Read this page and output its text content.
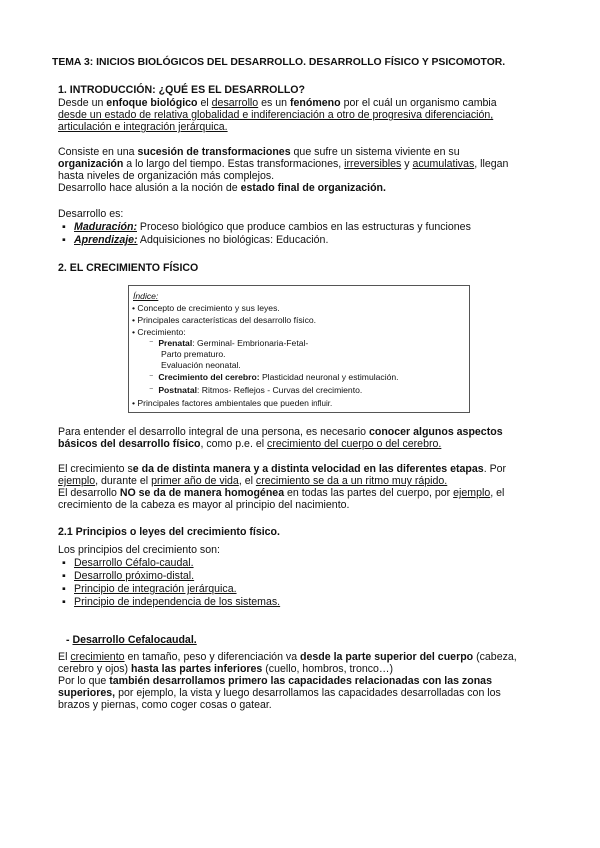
TEMA 3: INICIOS BIOLÓGICOS DEL DESARROLLO. DESARROLLO FÍSICO Y PSICOMOTOR.
1. INTRODUCCIÓN: ¿QUÉ ES EL DESARROLLO?
Desde un enfoque biológico el desarrollo es un fenómeno por el cuál un organismo cambia
desde un estado de relativa globalidad e indiferenciación a otro de progresiva diferenciación,
articulación e integración jerárquica.
Consiste en una sucesión de transformaciones que sufre un sistema viviente en su
organización a lo largo del tiempo. Estas transformaciones, irreversibles y acumulativas, llegan
hasta niveles de organización más complejos.
Desarrollo hace alusión a la noción de estado final de organización.
Desarrollo es:
▪ Maduración: Proceso biológico que produce cambios en las estructuras y funciones
▪ Aprendizaje: Adquisiciones no biológicas: Educación.
2. EL CRECIMIENTO FÍSICO
Índice:
• Concepto de crecimiento y sus leyes.
• Principales características del desarrollo físico.
• Crecimiento:
⁻  Prenatal: Germinal- Embrionaria-Fetal-
Parto prematuro.
Evaluación neonatal.
⁻  Crecimiento del cerebro: Plasticidad neuronal y estimulación.
⁻  Postnatal: Ritmos- Reflejos - Curvas del crecimiento.
• Principales factores ambientales que pueden influir.
Para entender el desarrollo integral de una persona, es necesario conocer algunos aspectos
básicos del desarrollo físico, como p.e. el crecimiento del cuerpo o del cerebro.
El crecimiento se da de distinta manera y a distinta velocidad en las diferentes etapas. Por
ejemplo, durante el primer año de vida, el crecimiento se da a un ritmo muy rápido.
El desarrollo NO se da de manera homogénea en todas las partes del cuerpo, por ejemplo, el
crecimiento de la cabeza es mayor al principio del nacimiento.
2.1 Principios o leyes del crecimiento físico.
Los principios del crecimiento son:
▪ Desarrollo Céfalo-caudal.
▪ Desarrollo próximo-distal.
▪ Principio de integración jerárquica.
▪ Principio de independencia de los sistemas.
- Desarrollo Cefalocaudal.
El crecimiento en tamaño, peso y diferenciación va desde la parte superior del cuerpo (cabeza,
cerebro y ojos) hasta las partes inferiores (cuello, hombros, tronco…)
Por lo que también desarrollamos primero las capacidades relacionadas con las zonas
superiores, por ejemplo, la vista y luego desarrollamos las capacidades desarrolladas con los
brazos y piernas, como coger cosas o gatear.
